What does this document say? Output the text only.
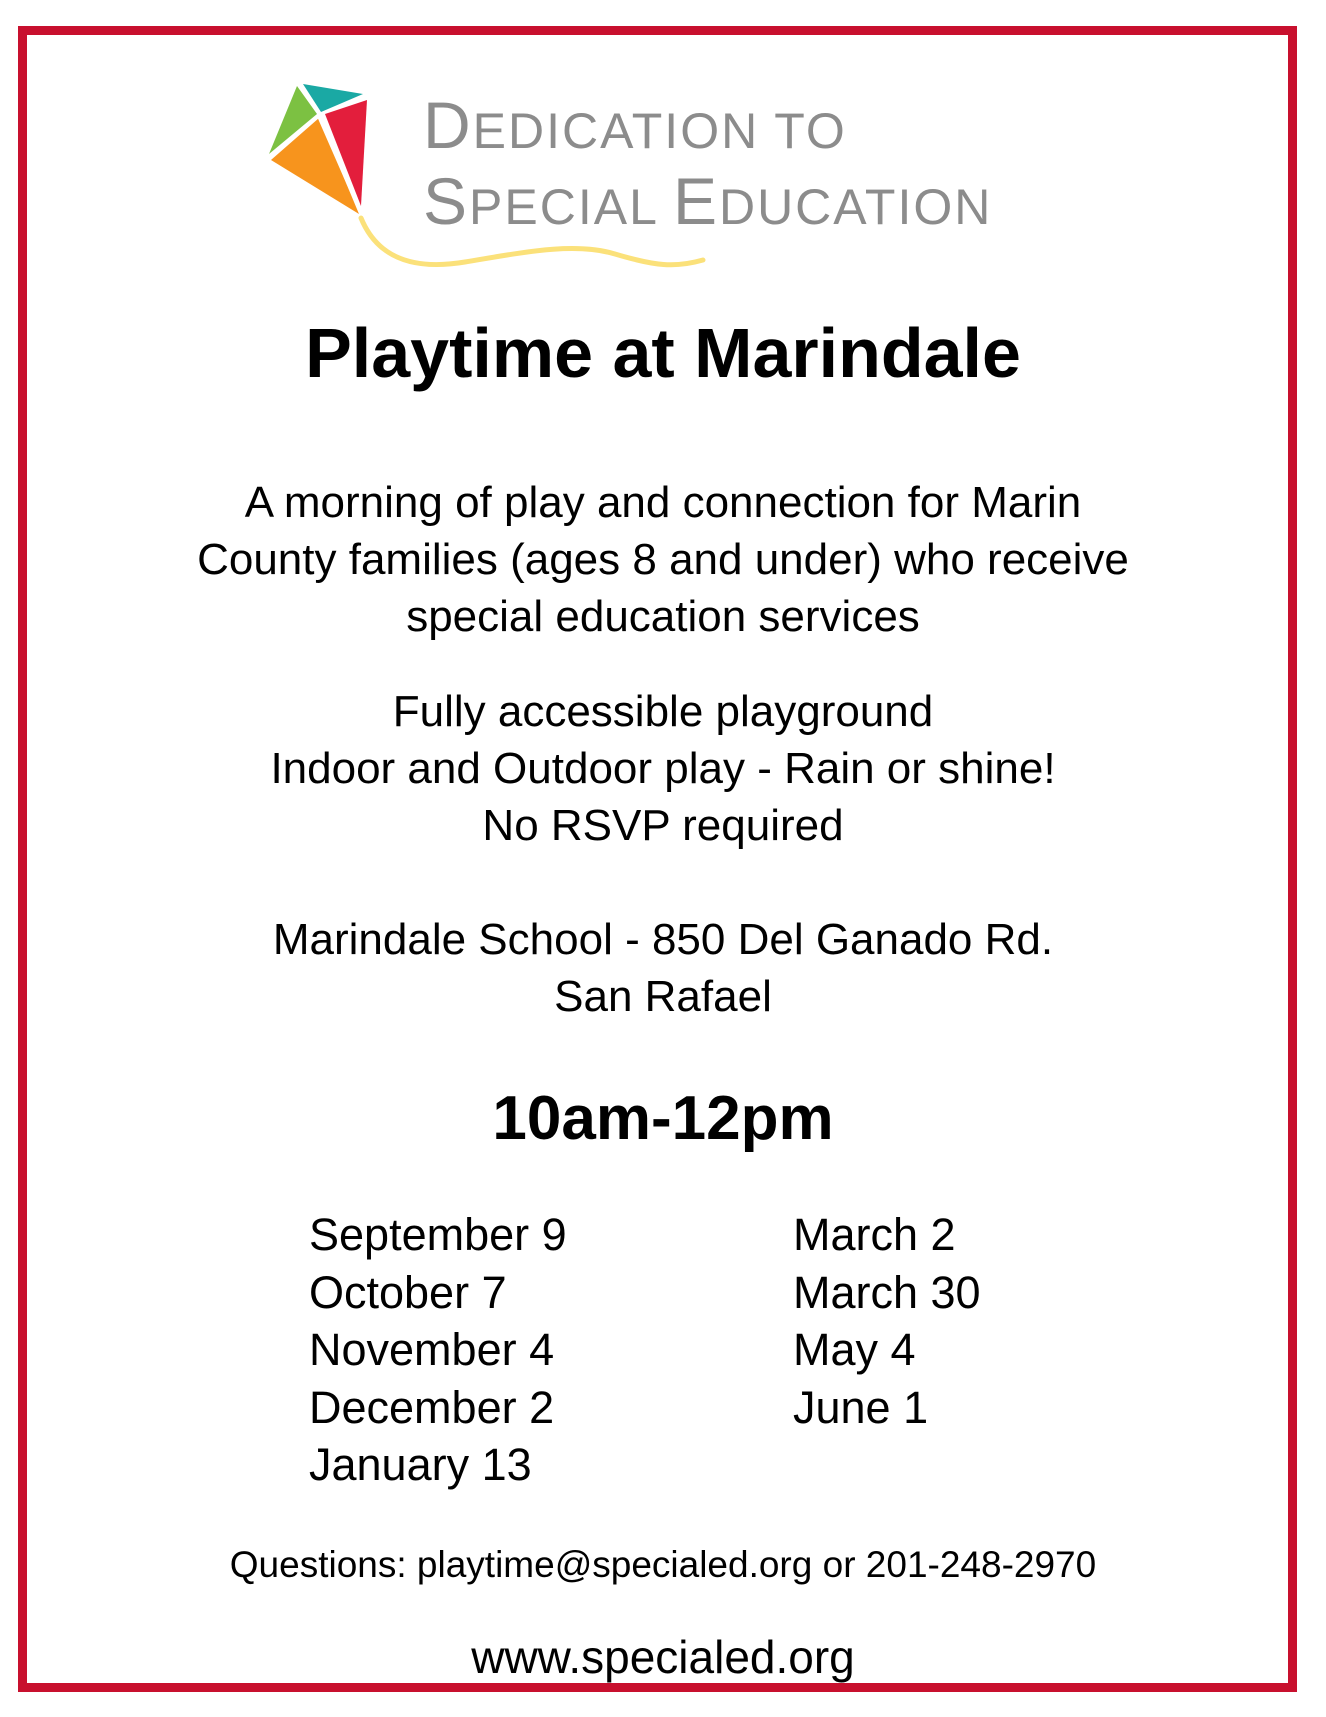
DEDICATION TO
SPECIAL EDUCATION
Playtime at Marindale
A morning of play and connection for Marin
County families (ages 8 and under) who receive
special education services
Fully accessible playground
Indoor and Outdoor play - Rain or shine!
No RSVP required
Marindale School - 850 Del Ganado Rd.
San Rafael
10am-12pm
September 9
October 7
November 4
December 2
January 13
March 2
March 30
May 4
June 1
Questions: playtime@specialed.org or 201-248-2970
www.specialed.org
